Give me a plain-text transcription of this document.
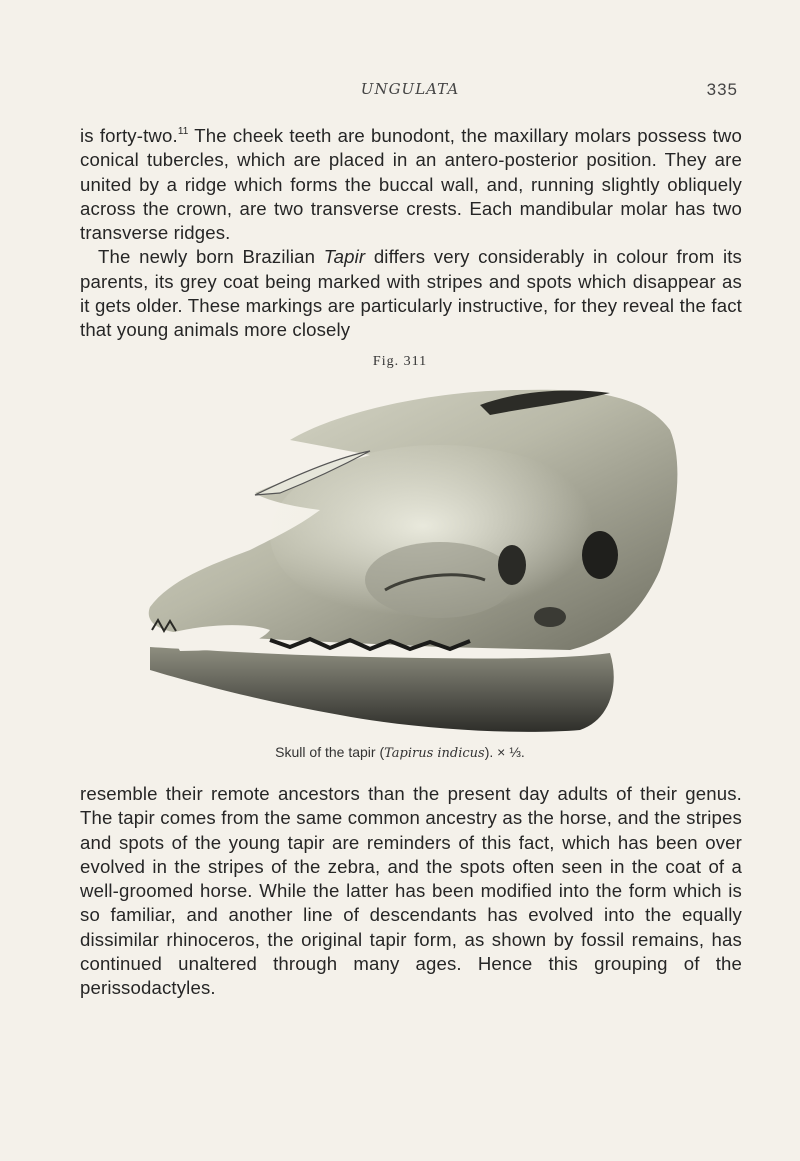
UNGULATA	335

is forty-two.$^{11}$ The cheek teeth are bunodont, the maxillary molars possess two conical tubercles, which are placed in an antero-posterior position. They are united by a ridge which forms the buccal wall, and, running slightly obliquely across the crown, are two transverse crests. Each mandibular molar has two transverse ridges.
The newly born Brazilian Tapir differs very considerably in colour from its parents, its grey coat being marked with stripes and spots which disappear as it gets older. These markings are particularly instructive, for they reveal the fact that young animals more closely

Fig. 311
Skull of the tapir (Tapirus indicus). × ⅓.

resemble their remote ancestors than the present day adults of their genus. The tapir comes from the same common ancestry as the horse, and the stripes and spots of the young tapir are reminders of this fact, which has been over evolved in the stripes of the zebra, and the spots often seen in the coat of a well-groomed horse. While the latter has been modified into the form which is so familiar, and another line of descendants has evolved into the equally dissimilar rhinoceros, the original tapir form, as shown by fossil remains, has continued unaltered through many ages. Hence this grouping of the perissodactyles.
